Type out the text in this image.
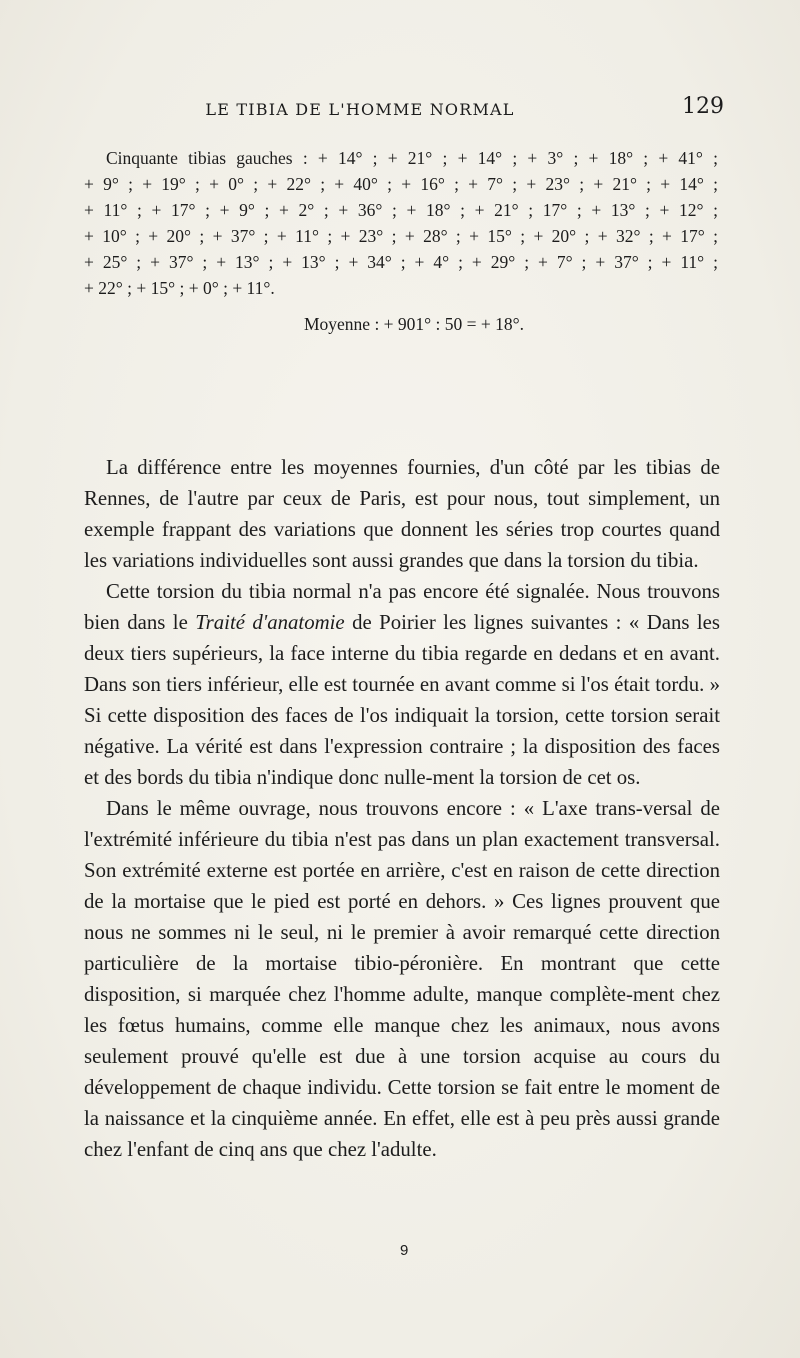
LE TIBIA DE L'HOMME NORMAL	129
Cinquante tibias gauches : + 14° ; + 21° ; + 14° ; + 3° ; + 18° ; + 41° ;
+ 9° ; + 19° ; + 0° ; + 22° ; + 40° ; + 16° ; + 7° ; + 23° ; + 21° ; + 14° ;
+ 11° ; + 17° ; + 9° ; + 2° ; + 36° ; + 18° ; + 21° ; 17° ; + 13° ; + 12° ;
+ 10° ; + 20° ; + 37° ; + 11° ; + 23° ; + 28° ; + 15° ; + 20° ; + 32° ; + 17° ;
+ 25° ; + 37° ; + 13° ; + 13° ; + 34° ; + 4° ; + 29° ; + 7° ; + 37° ; + 11° ;
+ 22° ; + 15° ; + 0° ; + 11°.
Moyenne : + 901° : 50 = + 18°.

La différence entre les moyennes fournies, d'un côté par les tibias de Rennes, de l'autre par ceux de Paris, est pour nous, tout simplement, un exemple frappant des variations que donnent les séries trop courtes quand les variations individuelles sont aussi grandes que dans la torsion du tibia.

Cette torsion du tibia normal n'a pas encore été signalée. Nous trouvons bien dans le Traité d'anatomie de Poirier les lignes suivantes : « Dans les deux tiers supérieurs, la face interne du tibia regarde en dedans et en avant. Dans son tiers inférieur, elle est tournée en avant comme si l'os était tordu. » Si cette disposition des faces de l'os indiquait la torsion, cette torsion serait négative. La vérité est dans l'expression contraire ; la disposition des faces et des bords du tibia n'indique donc nulle-ment la torsion de cet os.

Dans le même ouvrage, nous trouvons encore : « L'axe trans-versal de l'extrémité inférieure du tibia n'est pas dans un plan exactement transversal. Son extrémité externe est portée en arrière, c'est en raison de cette direction de la mortaise que le pied est porté en dehors. » Ces lignes prouvent que nous ne sommes ni le seul, ni le premier à avoir remarqué cette direction particulière de la mortaise tibio-péronière. En montrant que cette disposition, si marquée chez l'homme adulte, manque complète-ment chez les fœtus humains, comme elle manque chez les animaux, nous avons seulement prouvé qu'elle est due à une torsion acquise au cours du développement de chaque individu. Cette torsion se fait entre le moment de la naissance et la cinquième année. En effet, elle est à peu près aussi grande chez l'enfant de cinq ans que chez l'adulte.

9
